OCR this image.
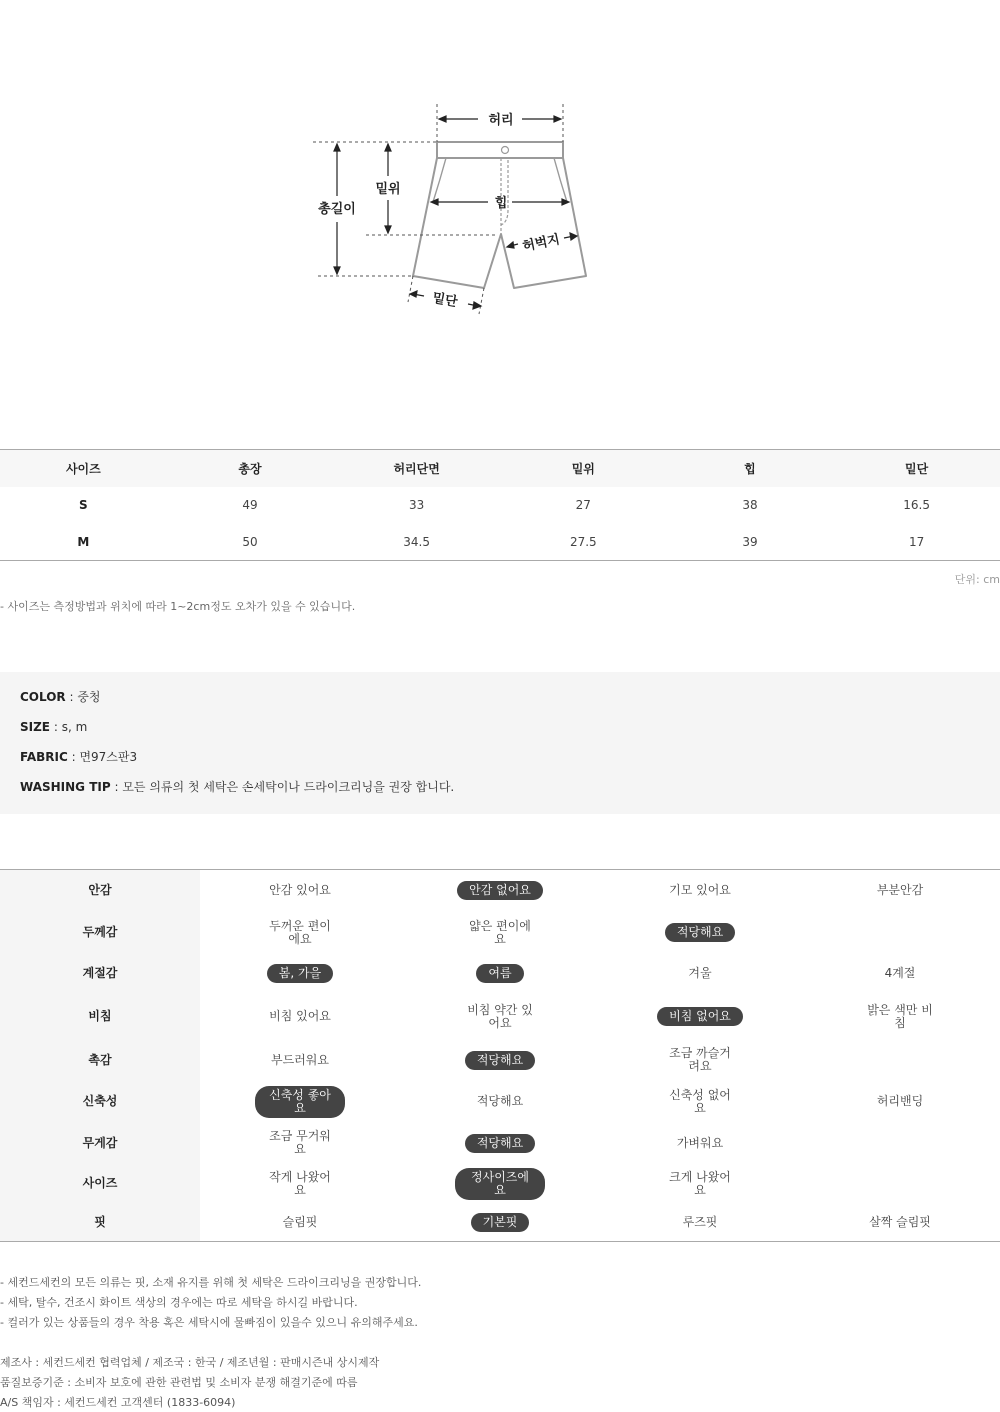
허리
밑위
총길이	힙
허벅지
밑단
사이즈	총장	허리단면	밑위	힙	밑단
S	49	33	27	38	16.5
M	50	34.5	27.5	39	17
단위: cm
- 사이즈는 측정방법과 위치에 따라 1~2cm정도 오차가 있을 수 있습니다.
COLOR : 중청
SIZE : s, m
FABRIC : 면97스판3
WASHING TIP : 모든 의류의 첫 세탁은 손세탁이나 드라이크리닝을 권장 합니다.
안감	안감 있어요	안감 없어요	기모 있어요	부분안감
두께감	두꺼운 편이에요	얇은 편이에요	적당해요	
계절감	봄, 가을	여름	겨울	4계절
비침	비침 있어요	비침 약간 있어요	비침 없어요	밝은 색만 비침
촉감	부드러워요	적당해요	조금 까슬거려요	
신축성	신축성 좋아요	적당해요	신축성 없어요	허리밴딩
무게감	조금 무거워요	적당해요	가벼워요	
사이즈	작게 나왔어요	정사이즈에요	크게 나왔어요	
핏	슬림핏	기본핏	루즈핏	살짝 슬림핏
- 세컨드세컨의 모든 의류는 핏, 소재 유지를 위해 첫 세탁은 드라이크리닝을 권장합니다.
- 세탁, 탈수, 건조시 화이트 색상의 경우에는 따로 세탁을 하시길 바랍니다.
- 컬러가 있는 상품들의 경우 착용 혹은 세탁시에 물빠짐이 있을수 있으니 유의해주세요.
제조사 : 세컨드세컨 협력업체 / 제조국 : 한국 / 제조년월 : 판매시즌내 상시제작
품질보증기준 : 소비자 보호에 관한 관련법 및 소비자 분쟁 해결기준에 따름
A/S 책임자 : 세컨드세컨 고객센터 (1833-6094)
